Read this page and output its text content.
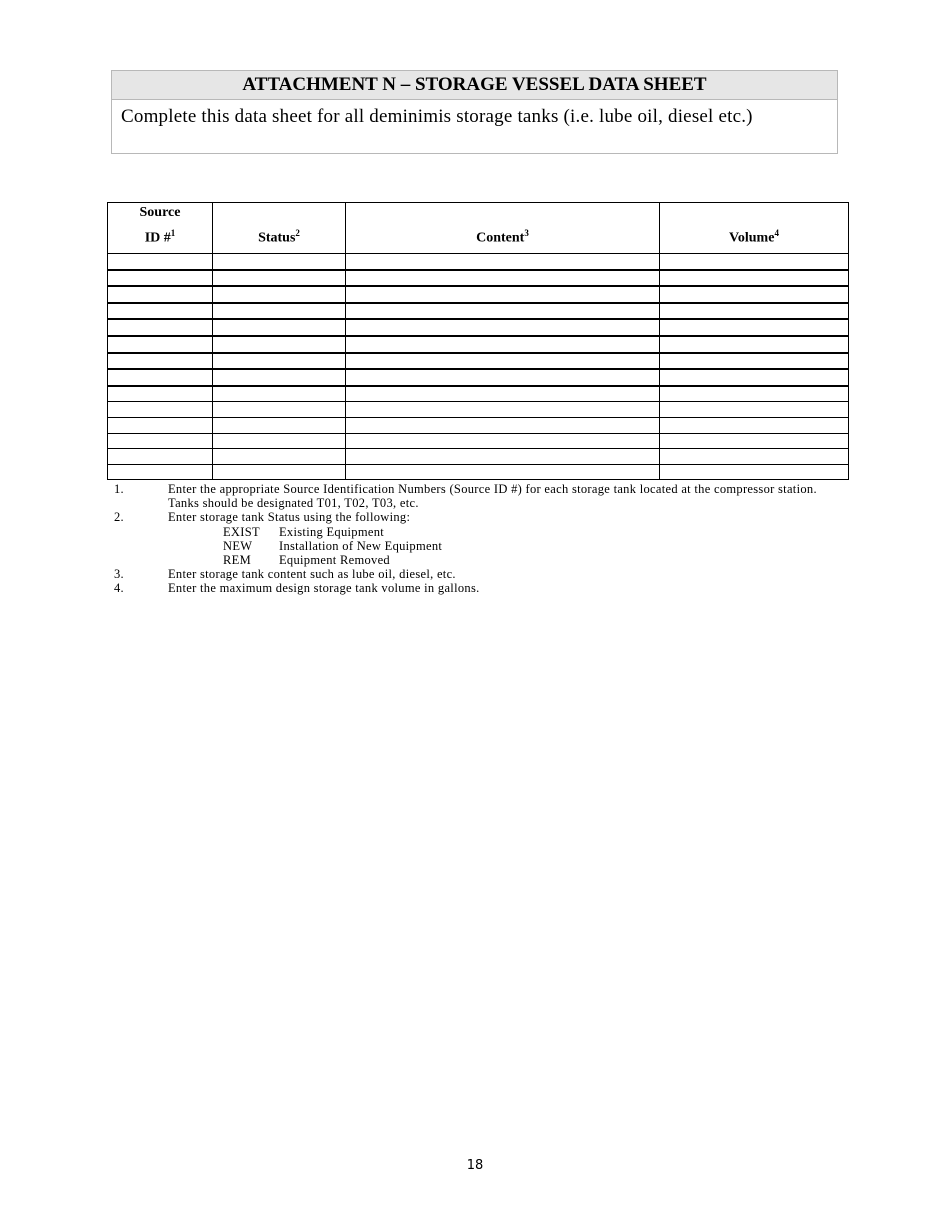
ATTACHMENT N – STORAGE VESSEL DATA SHEET
Complete this data sheet for all deminimis storage tanks (i.e. lube oil, diesel etc.)
Source
ID #$^1$	Status$^2$	Content$^3$	Volume$^4$

1.	Enter the appropriate Source Identification Numbers (Source ID #) for each storage tank located at the compressor station.
Tanks should be designated T01, T02, T03, etc.
2.	Enter storage tank Status using the following:
EXIST	Existing Equipment
NEW	Installation of New Equipment
REM	Equipment Removed
3.	Enter storage tank content such as lube oil, diesel, etc.
4.	Enter the maximum design storage tank volume in gallons.
18
